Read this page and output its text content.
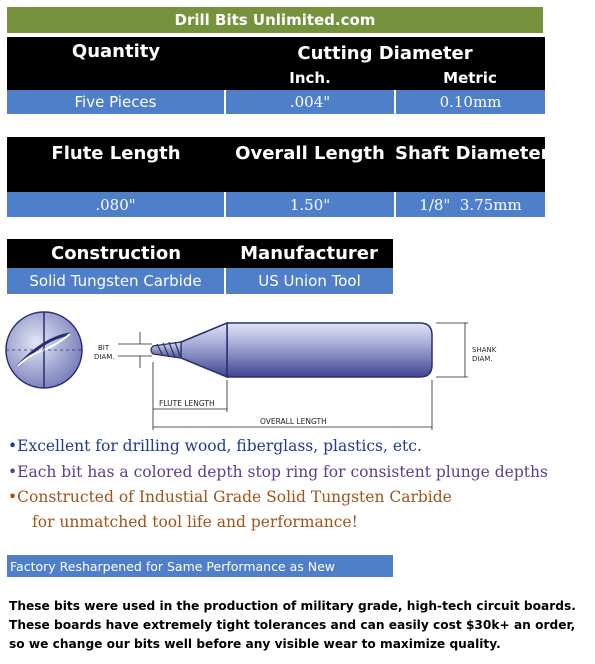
Drill Bits Unlimited.com
Quantity	Cutting Diameter	
	Inch.	Metric
Five Pieces	.004"	0.10mm
Flute Length	Overall Length	Shaft Diameter
.080"	1.50"	1/8"  3.75mm
Construction	Manufacturer
Solid Tungsten Carbide	US Union Tool
BIT
DIAM.
SHANK
DIAM.
FLUTE LENGTH
OVERALL LENGTH
•Excellent for drilling wood, fiberglass, plastics, etc.
•Each bit has a colored depth stop ring for consistent plunge depths
•Constructed of Industial Grade Solid Tungsten Carbide
for unmatched tool life and performance!
Factory Resharpened for Same Performance as New
These bits were used in the production of military grade, high-tech circuit boards.
These boards have extremely tight tolerances and can easily cost $30k+ an order,
so we change our bits well before any visible wear to maximize quality.
